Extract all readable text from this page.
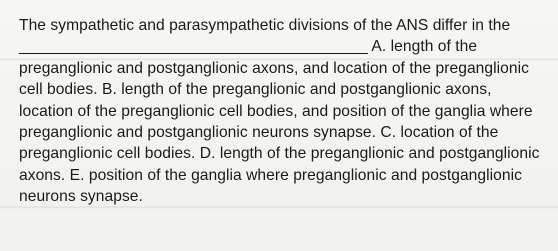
The sympathetic and parasympathetic divisions of the ANS differ in the ________________________________________ A. length of the preganglionic and postganglionic axons, and location of the preganglionic cell bodies. B. length of the preganglionic and postganglionic axons, location of the preganglionic cell bodies, and position of the ganglia where preganglionic and postganglionic neurons synapse. C. location of the preganglionic cell bodies. D. length of the preganglionic and postganglionic axons. E. position of the ganglia where preganglionic and postganglionic neurons synapse.
